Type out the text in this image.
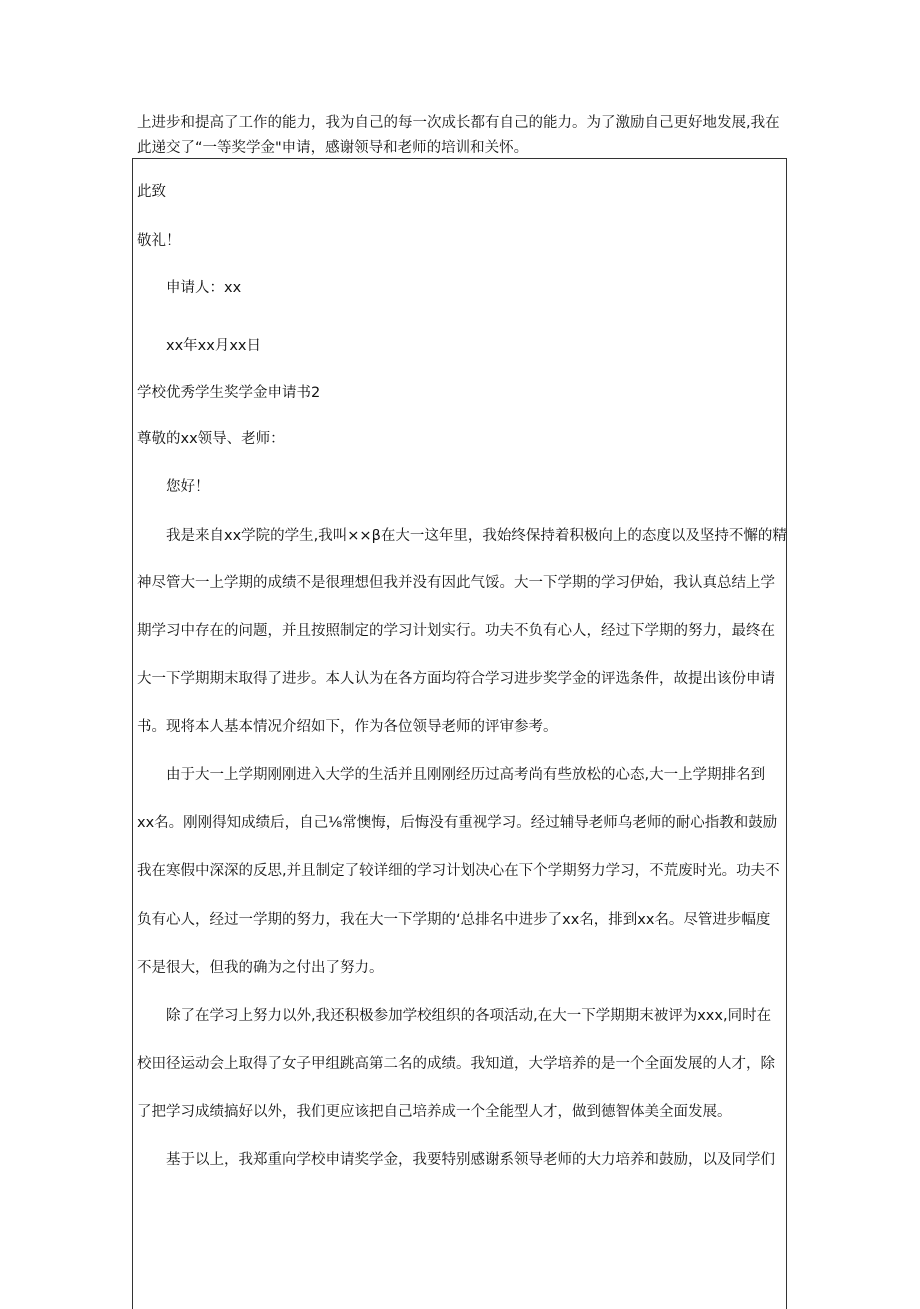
上进步和提高了工作的能力，我为自己的每一次成长都有自己的能力。为了激励自己更好地发展,我在

此递交了“一等奖学金"申请，感谢领导和老师的培训和关怀。

此致
敬礼！
申请人：xx
xx年xx月xx日
学校优秀学生奖学金申请书2
尊敬的xx领导、老师：
您好！
我是来自xx学院的学生,我叫××β在大一这年里，我始终保持着积极向上的态度以及坚持不懈的精
神尽管大一上学期的成绩不是很理想但我并没有因此气馁。大一下学期的学习伊始，我认真总结上学
期学习中存在的问题，并且按照制定的学习计划实行。功夫不负有心人，经过下学期的努力，最终在
大一下学期期末取得了进步。本人认为在各方面均符合学习进步奖学金的评选条件，故提出该份申请
书。现将本人基本情况介绍如下，作为各位领导老师的评审参考。
由于大一上学期刚刚进入大学的生活并且刚刚经历过高考尚有些放松的心态,大一上学期排名到
xx名。刚刚得知成绩后，自己⅛常懊悔，后悔没有重视学习。经过辅导老师乌老师的耐心指教和鼓励
我在寒假中深深的反思,并且制定了较详细的学习计划决心在下个学期努力学习，不荒废时光。功夫不
负有心人，经过一学期的努力，我在大一下学期的‘总排名中进步了xx名，排到xx名。尽管进步幅度
不是很大，但我的确为之付出了努力。
除了在学习上努力以外,我还积极参加学校组织的各项活动,在大一下学期期末被评为xxx,同时在
校田径运动会上取得了女子甲组跳高第二名的成绩。我知道，大学培养的是一个全面发展的人才，除
了把学习成绩搞好以外，我们更应该把自己培养成一个全能型人才，做到德智体美全面发展。
基于以上，我郑重向学校申请奖学金，我要特别感谢系领导老师的大力培养和鼓励，以及同学们
